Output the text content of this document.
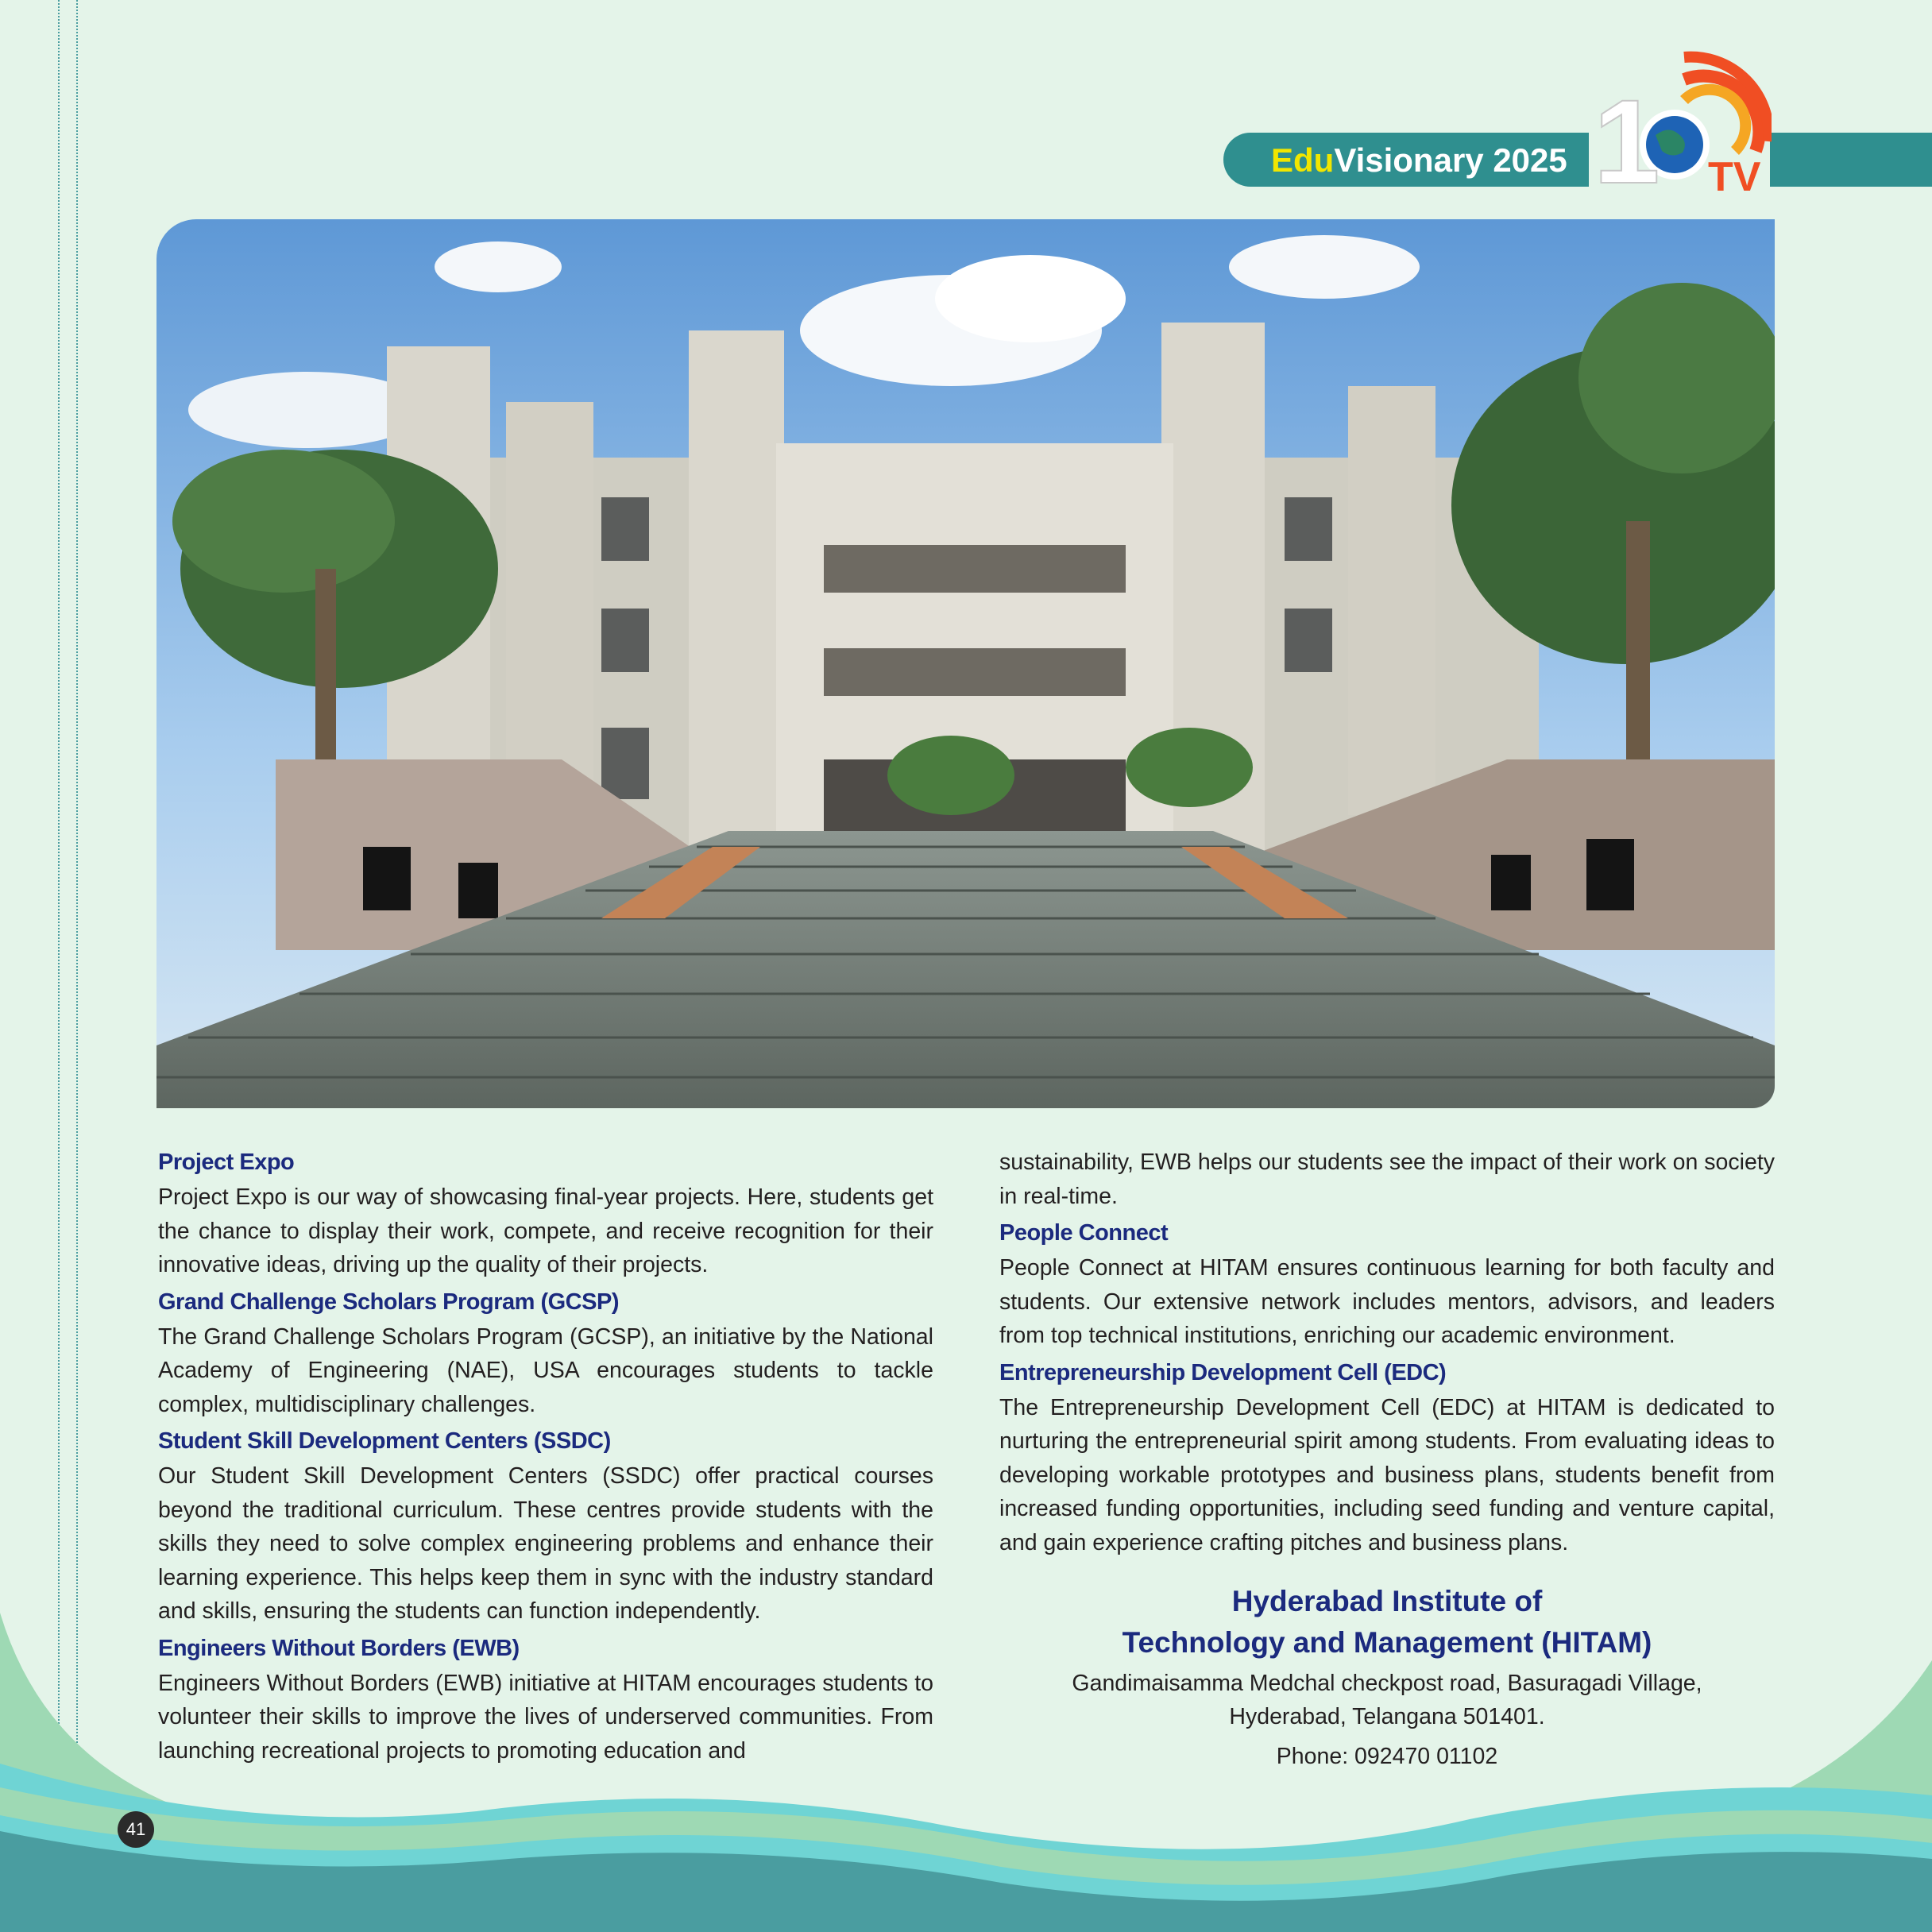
EduVisionary 2025 1 TV
Project Expo

Project Expo is our way of showcasing final-year projects. Here, students get the chance to display their work, compete, and receive recognition for their innovative ideas, driving up the quality of their projects.

Grand Challenge Scholars Program (GCSP)

The Grand Challenge Scholars Program (GCSP), an initiative by the National Academy of Engineering (NAE), USA encourages students to tackle complex, multidisciplinary challenges.

Student Skill Development Centers (SSDC)

Our Student Skill Development Centers (SSDC) offer practical courses beyond the traditional curriculum. These centres provide students with the skills they need to solve complex engineering problems and enhance their learning experience. This helps keep them in sync with the industry standard and skills, ensuring the students can function independently.

Engineers Without Borders (EWB)

Engineers Without Borders (EWB) initiative at HITAM encourages students to volunteer their skills to improve the lives of underserved communities. From launching recreational projects to promoting education and

sustainability, EWB helps our students see the impact of their work on society in real-time.

People Connect

People Connect at HITAM ensures continuous learning for both faculty and students. Our extensive network includes mentors, advisors, and leaders from top technical institutions, enriching our academic environment.

Entrepreneurship Development Cell (EDC)

The Entrepreneurship Development Cell (EDC) at HITAM is dedicated to nurturing the entrepreneurial spirit among students. From evaluating ideas to developing workable prototypes and business plans, students benefit from increased funding opportunities, including seed funding and venture capital, and gain experience crafting pitches and business plans.

Hyderabad Institute of
Technology and Management (HITAM)
Gandimaisamma Medchal checkpost road, Basuragadi Village,
Hyderabad, Telangana 501401.
Phone: 092470 01102
41
